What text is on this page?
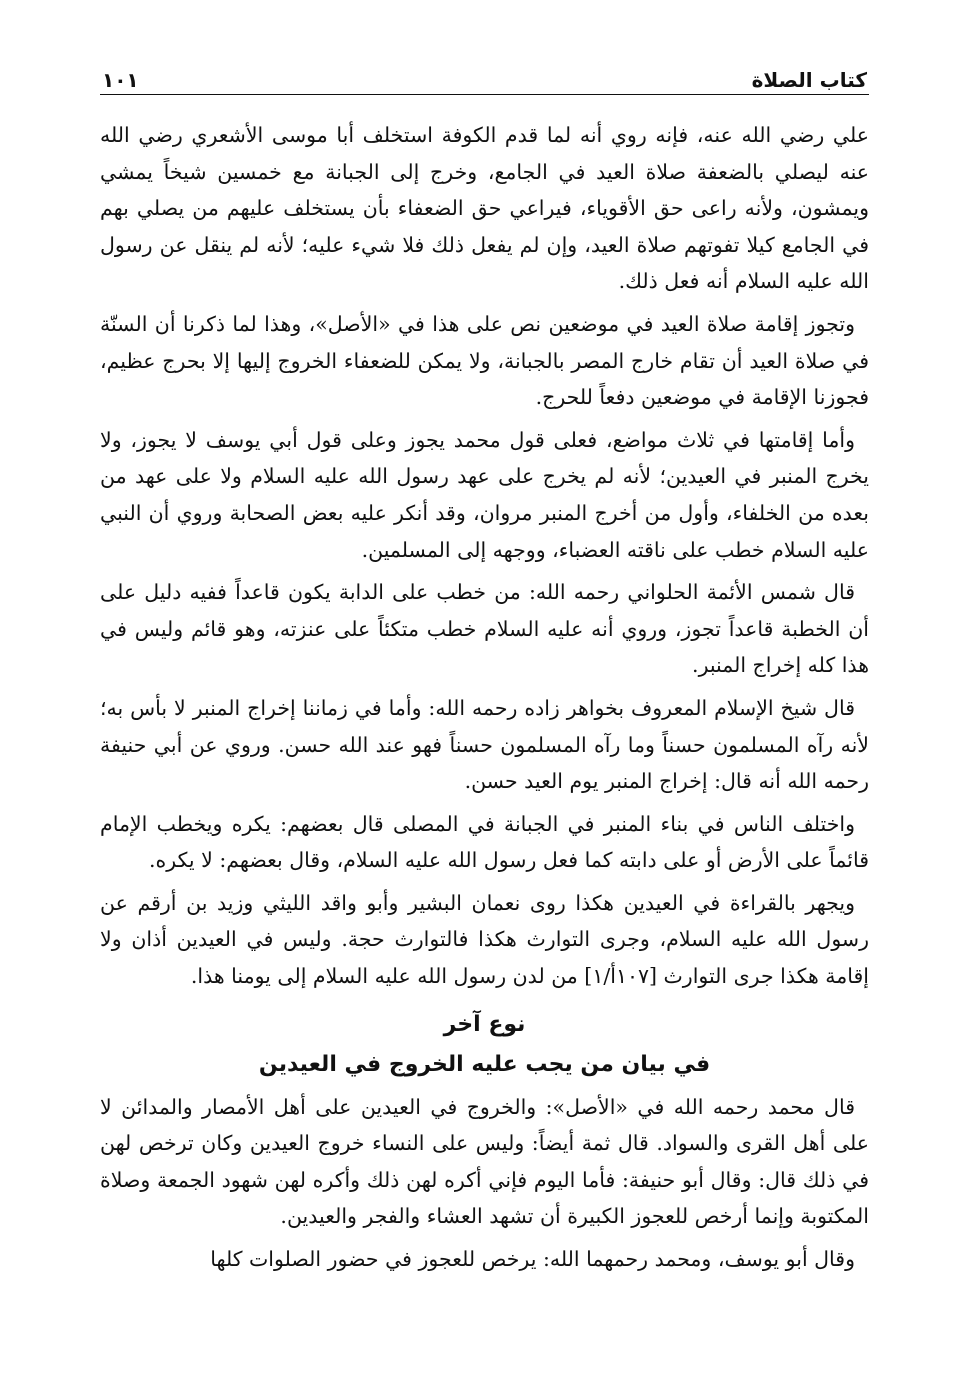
كتاب الصلاة
١٠١

علي رضي الله عنه، فإنه روي أنه لما قدم الكوفة استخلف أبا موسى الأشعري رضي الله عنه ليصلي بالضعفة صلاة العيد في الجامع، وخرج إلى الجبانة مع خمسين شيخاً يمشي ويمشون، ولأنه راعى حق الأقوياء، فيراعي حق الضعفاء بأن يستخلف عليهم من يصلي بهم في الجامع كيلا تفوتهم صلاة العيد، وإن لم يفعل ذلك فلا شيء عليه؛ لأنه لم ينقل عن رسول الله عليه السلام أنه فعل ذلك.

وتجوز إقامة صلاة العيد في موضعين نص على هذا في «الأصل»، وهذا لما ذكرنا أن السنّة في صلاة العيد أن تقام خارج المصر بالجبانة، ولا يمكن للضعفاء الخروج إليها إلا بحرج عظيم، فجوزنا الإقامة في موضعين دفعاً للحرج.

وأما إقامتها في ثلاث مواضع، فعلى قول محمد يجوز وعلى قول أبي يوسف لا يجوز، ولا يخرج المنبر في العيدين؛ لأنه لم يخرج على عهد رسول الله عليه السلام ولا على عهد من بعده من الخلفاء، وأول من أخرج المنبر مروان، وقد أنكر عليه بعض الصحابة وروي أن النبي عليه السلام خطب على ناقته العضباء، ووجهه إلى المسلمين.

قال شمس الأئمة الحلواني رحمه الله: من خطب على الدابة يكون قاعداً ففيه دليل على أن الخطبة قاعداً تجوز، وروي أنه عليه السلام خطب متكئاً على عنزته، وهو قائم وليس في هذا كله إخراج المنبر.

قال شيخ الإسلام المعروف بخواهر زاده رحمه الله: وأما في زماننا إخراج المنبر لا بأس به؛ لأنه رآه المسلمون حسناً وما رآه المسلمون حسناً فهو عند الله حسن. وروي عن أبي حنيفة رحمه الله أنه قال: إخراج المنبر يوم العيد حسن.

واختلف الناس في بناء المنبر في الجبانة في المصلى قال بعضهم: يكره ويخطب الإمام قائماً على الأرض أو على دابته كما فعل رسول الله عليه السلام، وقال بعضهم: لا يكره.

ويجهر بالقراءة في العيدين هكذا روى نعمان البشير وأبو واقد الليثي وزيد بن أرقم عن رسول الله عليه السلام، وجرى التوارث هكذا فالتوارث حجة. وليس في العيدين أذان ولا إقامة هكذا جرى التوارث [١٠٧أ/١] من لدن رسول الله عليه السلام إلى يومنا هذا.

نوع آخر
في بيان من يجب عليه الخروج في العيدين

قال محمد رحمه الله في «الأصل»: والخروج في العيدين على أهل الأمصار والمدائن لا على أهل القرى والسواد. قال ثمة أيضاً: وليس على النساء خروج العيدين وكان ترخص لهن في ذلك قال: وقال أبو حنيفة: فأما اليوم فإني أكره لهن ذلك وأكره لهن شهود الجمعة وصلاة المكتوبة وإنما أرخص للعجوز الكبيرة أن تشهد العشاء والفجر والعيدين.

وقال أبو يوسف، ومحمد رحمهما الله: يرخص للعجوز في حضور الصلوات كلها
